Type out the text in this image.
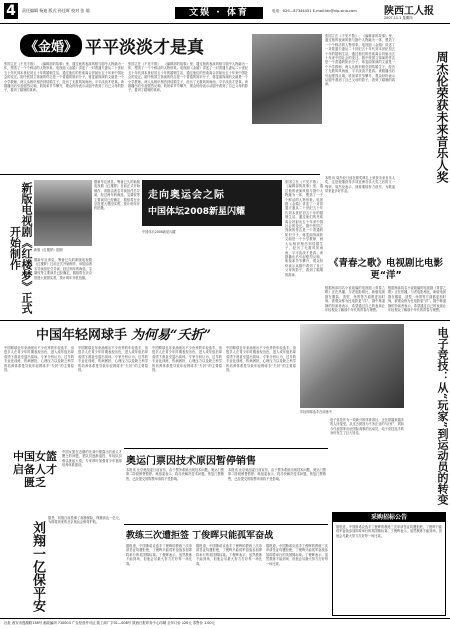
4	责任编辑 杨迪 版式 孙佳晖 校对 张 瑜	文娱 · 体育	电话：029—87344451 E-mail:ldc@vip.sina.com	陕西工人报
2007.11.1 星期四
《金婚》 平平淡淡才是真
张国立在《不见不散》、《编辑部的故事》里，通过他的表演风格与剧中人物融为一体，塑造了一个个鲜活的人物形象。电视剧《金婚》讲述了一对普通夫妻从二十世纪五十年代到本世纪初五十年的婚姻生活，通过他们的悲欢离合折射出五十年来中国社会的变迁。剧中张国立饰演的佟志是一个普通的知识分子，蒋雯丽饰演的文丽是一个小学教师，两人从相识相恋到结婚生子，经历了无数风风雨雨，平平淡淡才是真。该剧播出后引起强烈反响，收视率节节攀升，观众纷纷表示从剧中看到了自己父母的影子，看到了婚姻的真谛。
张国立在《不见不散》、《编辑部的故事》里，通过他的表演风格与剧中人物融为一体，塑造了一个个鲜活的人物形象。电视剧《金婚》讲述了一对普通夫妻从二十世纪五十年代到本世纪初五十年的婚姻生活，通过他们的悲欢离合折射出五十年来中国社会的变迁。剧中张国立饰演的佟志是一个普通的知识分子，蒋雯丽饰演的文丽是一个小学教师，两人从相识相恋到结婚生子，经历了无数风风雨雨，平平淡淡才是真。该剧播出后引起强烈反响，收视率节节攀升，观众纷纷表示从剧中看到了自己父母的影子，看到了婚姻的真谛。
张国立在《不见不散》、《编辑部的故事》里，通过他的表演风格与剧中人物融为一体，塑造了一个个鲜活的人物形象。电视剧《金婚》讲述了一对普通夫妻从二十世纪五十年代到本世纪初五十年的婚姻生活，通过他们的悲欢离合折射出五十年来中国社会的变迁。剧中张国立饰演的佟志是一个普通的知识分子，蒋雯丽饰演的文丽是一个小学教师，两人从相识相恋到结婚生子，经历了无数风风雨雨，平平淡淡才是真。该剧播出后引起强烈反响，收视率节节攀升，观众纷纷表示从剧中看到了自己父母的影子，看到了婚姻的真谛。	周杰伦荣获未来音乐人奖
本报讯 周杰伦日前在颁奖典礼上荣获未来音乐人奖，这是他继获得多项亚洲音乐大奖之后的又一殊荣。周杰伦表示，他将继续努力创作，为歌迷带来更多好作品。
新版电视剧《红楼梦》正式开始制作	新版《红楼梦》剧照
据新华社消息，筹备已久的新版电视剧《红楼梦》日前正式开始制作，该剧由著名导演担任总导演，经过两年的海选，宝黛钗等主要演员已经确定，剧组将在北京搭建大观园实景，预计明年开机拍摄。
据新华社消息，筹备已久的新版电视剧《红楼梦》日前正式开始制作，该剧由著名导演担任总导演，经过两年的海选，宝黛钗等主要演员已经确定，剧组将在北京搭建大观园实景，预计明年开机拍摄。
走向奥运会之际
中国体坛2008新星闪耀
中国体坛2008新星闪耀
张国立在《不见不散》、《编辑部的故事》里，通过他的表演风格与剧中人物融为一体，塑造了一个个鲜活的人物形象。电视剧《金婚》讲述了一对普通夫妻从二十世纪五十年代到本世纪初五十年的婚姻生活，通过他们的悲欢离合折射出五十年来中国社会的变迁。剧中张国立饰演的佟志是一个普通的知识分子，蒋雯丽饰演的文丽是一个小学教师，两人从相识相恋到结婚生子，经历了无数风风雨雨，平平淡淡才是真。该剧播出后引起强烈反响，收视率节节攀升，观众纷纷表示从剧中看到了自己父母的影子，看到了婚姻的真谛。
《青春之歌》电视剧比电影更“洋”
根据杨沫同名小说改编的电视剧《青春之歌》正在热播，与老电影相比，新版电视剧在服装、造型、场景等方面都更加时尚，被观众称为比电影更“洋”。剧中林道静的扮演者表示，希望通过自己的表演让年轻观众了解那个年代的青春与理想。
根据杨沫同名小说改编的电视剧《青春之歌》正在热播，与老电影相比，新版电视剧在服装、造型、场景等方面都更加时尚，被观众称为比电影更“洋”。剧中林道静的扮演者表示，希望通过自己的表演让年轻观众了解那个年代的青春与理想。
中国年轻网球手 为何易“夭折”
年轻网球选手在训练中
中国网球近年来涌现出不少优秀的年轻选手，但很多人在青少年时期表现出色，进入成年组后却成绩下滑甚至退出赛场。专家分析认为，过早的专业化训练、伤病困扰、心理压力以及缺乏科学的培养体系是导致年轻网球手“夭折”的主要原因。
中国网球近年来涌现出不少优秀的年轻选手，但很多人在青少年时期表现出色，进入成年组后却成绩下滑甚至退出赛场。专家分析认为，过早的专业化训练、伤病困扰、心理压力以及缺乏科学的培养体系是导致年轻网球手“夭折”的主要原因。
中国网球近年来涌现出不少优秀的年轻选手，但很多人在青少年时期表现出色，进入成年组后却成绩下滑甚至退出赛场。专家分析认为，过早的专业化训练、伤病困扰、心理压力以及缺乏科学的培养体系是导致年轻网球手“夭折”的主要原因。
中国网球近年来涌现出不少优秀的年轻选手，但很多人在青少年时期表现出色，进入成年组后却成绩下滑甚至退出赛场。专家分析认为，过早的专业化训练、伤病困扰、心理压力以及缺乏科学的培养体系是导致年轻网球手“夭折”的主要原因。	电子竞技：从“玩家”到运动员的转变
电子竞技作为一项新兴的体育项目，正在被越来越多的人所接受。从过去被视为不务正业的“玩家”，到如今代表国家出征国际赛事的运动员，电子竞技选手的身份发生了巨大转变。
奥运门票因技术原因暂停销售
本报讯 北京奥组委日前宣布，由于票务系统出现技术问题，奥运门票第二阶段销售暂停。奥组委表示，将尽快解决技术问题，恢复门票销售，已经提交的购票申请将不受影响。
本报讯 北京奥组委日前宣布，由于票务系统出现技术问题，奥运门票第二阶段销售暂停。奥组委表示，将尽快解决技术问题，恢复门票销售，已经提交的购票申请将不受影响。
中国女篮启备人才匮乏
中国女篮在近期的比赛中暴露出后备人才匮乏的问题，老队员逐渐退役，年轻队员难以挑起大梁，专家呼吁加强青少年篮球培养体系建设。
刘翔一亿保平安
据悉，刘翔日前投保了高额保险，保额高达一亿元，为即将到来的北京奥运会保驾护航。
教练三次遭拒签 丁俊晖只能孤军奋战
据报道，中国斯诺克选手丁俊晖的教练三次申请签证均遭拒绝，丁俊晖只能孤军奋战参加即将举行的英国锦标赛。丁俊晖表示，虽然教练不能到场，但他会尽最大努力打好每一场比赛。
据报道，中国斯诺克选手丁俊晖的教练三次申请签证均遭拒绝，丁俊晖只能孤军奋战参加即将举行的英国锦标赛。丁俊晖表示，虽然教练不能到场，但他会尽最大努力打好每一场比赛。
据报道，中国斯诺克选手丁俊晖的教练三次申请签证均遭拒绝，丁俊晖只能孤军奋战参加即将举行的英国锦标赛。丁俊晖表示，虽然教练不能到场，但他会尽最大努力打好每一场比赛。
采购招标公告
据报道，中国斯诺克选手丁俊晖的教练三次申请签证均遭拒绝，丁俊晖只能孤军奋战参加即将举行的英国锦标赛。丁俊晖表示，虽然教练不能到场，但他会尽最大努力打好每一场比赛。
社址 西安市莲湖路138号 邮政编码 710003 广告经营许可证 陕工商广字01—008号 陕西日报印务中心印刷 全年订价 120元 零售价 1.00元
